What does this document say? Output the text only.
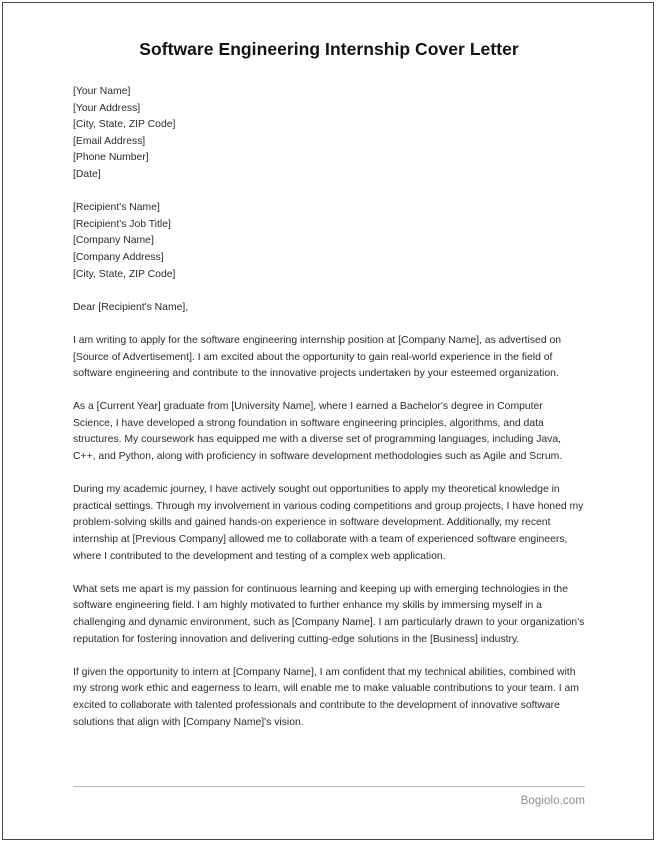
Software Engineering Internship Cover Letter
[Your Name]
[Your Address]
[City, State, ZIP Code]
[Email Address]
[Phone Number]
[Date]
[Recipient's Name]
[Recipient's Job Title]
[Company Name]
[Company Address]
[City, State, ZIP Code]
Dear [Recipient's Name],

I am writing to apply for the software engineering internship position at [Company Name], as advertised on [Source of Advertisement]. I am excited about the opportunity to gain real-world experience in the field of software engineering and contribute to the innovative projects undertaken by your esteemed organization.

As a [Current Year] graduate from [University Name], where I earned a Bachelor's degree in Computer Science, I have developed a strong foundation in software engineering principles, algorithms, and data structures. My coursework has equipped me with a diverse set of programming languages, including Java, C++, and Python, along with proficiency in software development methodologies such as Agile and Scrum.

During my academic journey, I have actively sought out opportunities to apply my theoretical knowledge in practical settings. Through my involvement in various coding competitions and group projects, I have honed my problem-solving skills and gained hands-on experience in software development. Additionally, my recent internship at [Previous Company] allowed me to collaborate with a team of experienced software engineers, where I contributed to the development and testing of a complex web application.

What sets me apart is my passion for continuous learning and keeping up with emerging technologies in the software engineering field. I am highly motivated to further enhance my skills by immersing myself in a challenging and dynamic environment, such as [Company Name]. I am particularly drawn to your organization's reputation for fostering innovation and delivering cutting-edge solutions in the [Business] industry.

If given the opportunity to intern at [Company Name], I am confident that my technical abilities, combined with my strong work ethic and eagerness to learn, will enable me to make valuable contributions to your team. I am excited to collaborate with talented professionals and contribute to the development of innovative software solutions that align with [Company Name]'s vision.

Bogiolo.com
